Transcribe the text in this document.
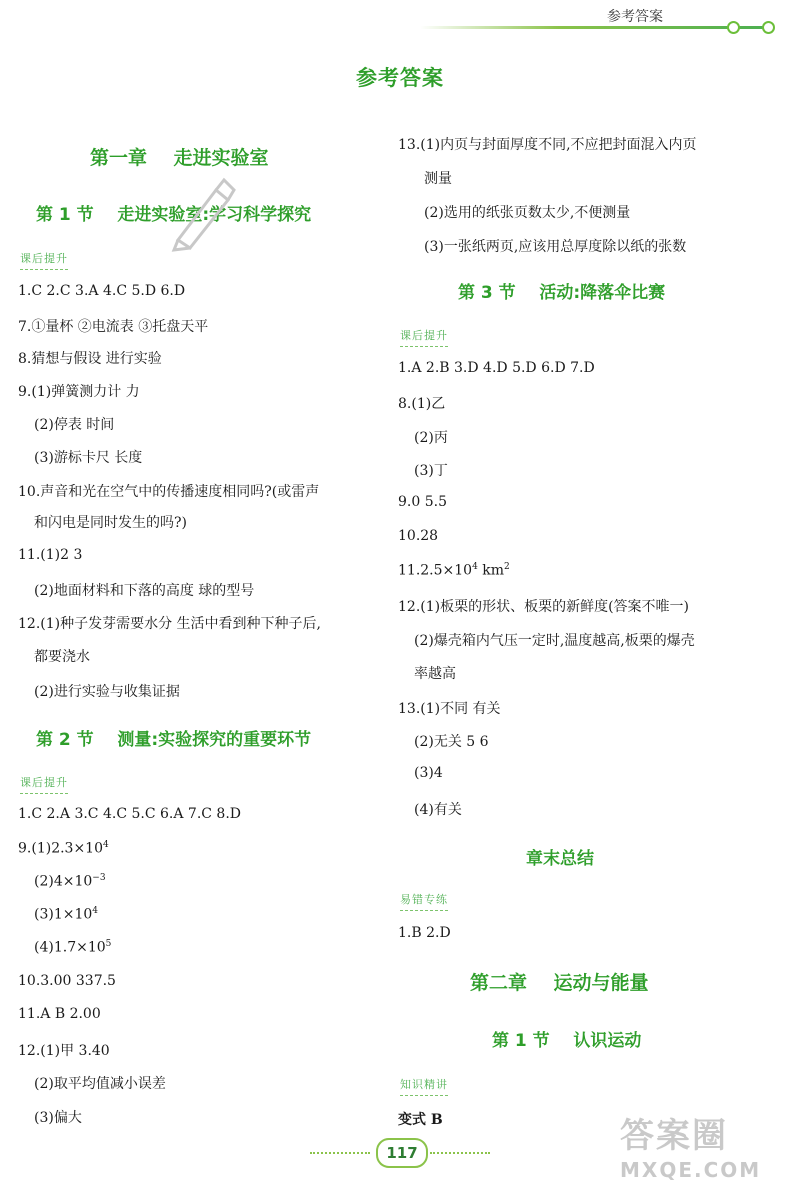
参考答案
参考答案
第一章    走进实验室
第 1 节    走进实验室:学习科学探究
课后提升
1.C 2.C 3.A 4.C 5.D 6.D
7.①量杯 ②电流表 ③托盘天平
8.猜想与假设 进行实验
9.(1)弹簧测力计 力
(2)停表 时间
(3)游标卡尺 长度
10.声音和光在空气中的传播速度相同吗?(或雷声
和闪电是同时发生的吗?)
11.(1)2 3
(2)地面材料和下落的高度 球的型号
12.(1)种子发芽需要水分 生活中看到种下种子后,
都要浇水
(2)进行实验与收集证据
第 2 节    测量:实验探究的重要环节
课后提升
1.C 2.A 3.C 4.C 5.C 6.A 7.C 8.D
$9.(1)2.3\times 10^4$
$(2)4\times 10^{-3}$
$(3)1\times 10^4$
$(4)1.7\times 10^5$
10.3.00 337.5
11.A B 2.00
12.(1)甲 3.40
(2)取平均值减小误差
(3)偏大
13.(1)内页与封面厚度不同,不应把封面混入内页
测量
(2)选用的纸张页数太少,不便测量
(3)一张纸两页,应该用总厚度除以纸的张数
第 3 节    活动:降落伞比赛
课后提升
1.A 2.B 3.D 4.D 5.D 6.D 7.D
8.(1)乙
(2)丙
(3)丁
9.0 5.5
10.28
$11.2.5\times 10^4$ $km^2$
12.(1)板栗的形状、板栗的新鲜度(答案不唯一)
(2)爆壳箱内气压一定时,温度越高,板栗的爆壳
率越高
13.(1)不同 有关
(2)无关 5 6
(3)4
(4)有关
章末总结
易错专练
1.B 2.D
第二章    运动与能量
第 1 节    认识运动
知识精讲
变式 B
117	答案圈
MXQE.COM
